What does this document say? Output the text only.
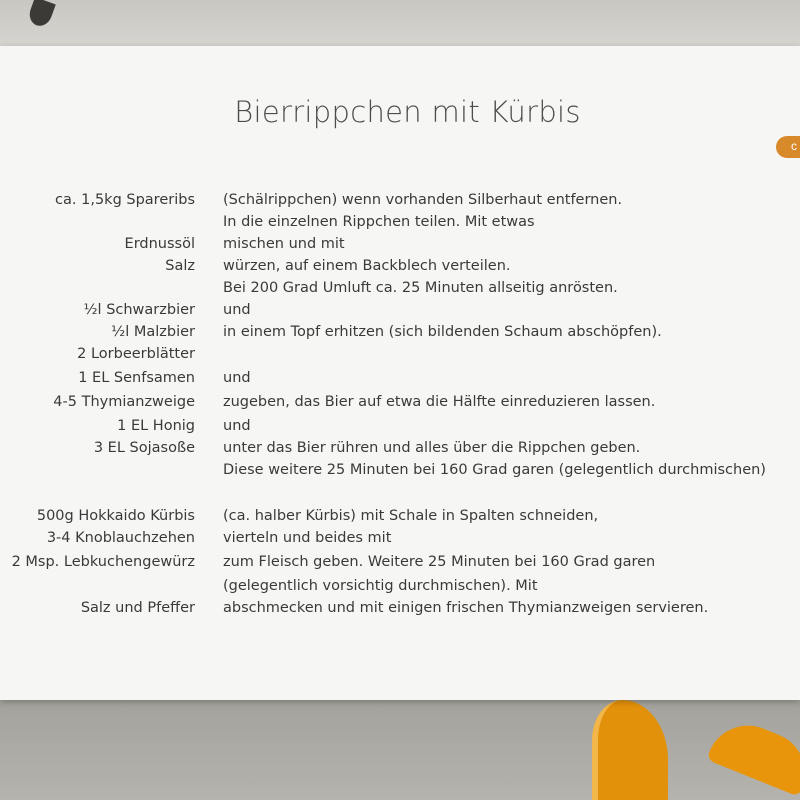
Bierrippchen mit Kürbis
c
ca. 1,5kg Spareribs (Schälrippchen) wenn vorhanden Silberhaut entfernen.
In die einzelnen Rippchen teilen. Mit etwas
Erdnussöl mischen und mit
Salz würzen, auf einem Backblech verteilen.
Bei 200 Grad Umluft ca. 25 Minuten allseitig anrösten.
½l Schwarzbier und
½l Malzbier in einem Topf erhitzen (sich bildenden Schaum abschöpfen).
2 Lorbeerblätter
1 EL Senfsamen und
4-5 Thymianzweige zugeben, das Bier auf etwa die Hälfte einreduzieren lassen.
1 EL Honig und
3 EL Sojasoße unter das Bier rühren und alles über die Rippchen geben.
Diese weitere 25 Minuten bei 160 Grad garen (gelegentlich durchmischen)
500g Hokkaido Kürbis (ca. halber Kürbis) mit Schale in Spalten schneiden,
3-4 Knoblauchzehen vierteln und beides mit
2 Msp. Lebkuchengewürz zum Fleisch geben. Weitere 25 Minuten bei 160 Grad garen
(gelegentlich vorsichtig durchmischen). Mit
Salz und Pfeffer abschmecken und mit einigen frischen Thymianzweigen servieren.
